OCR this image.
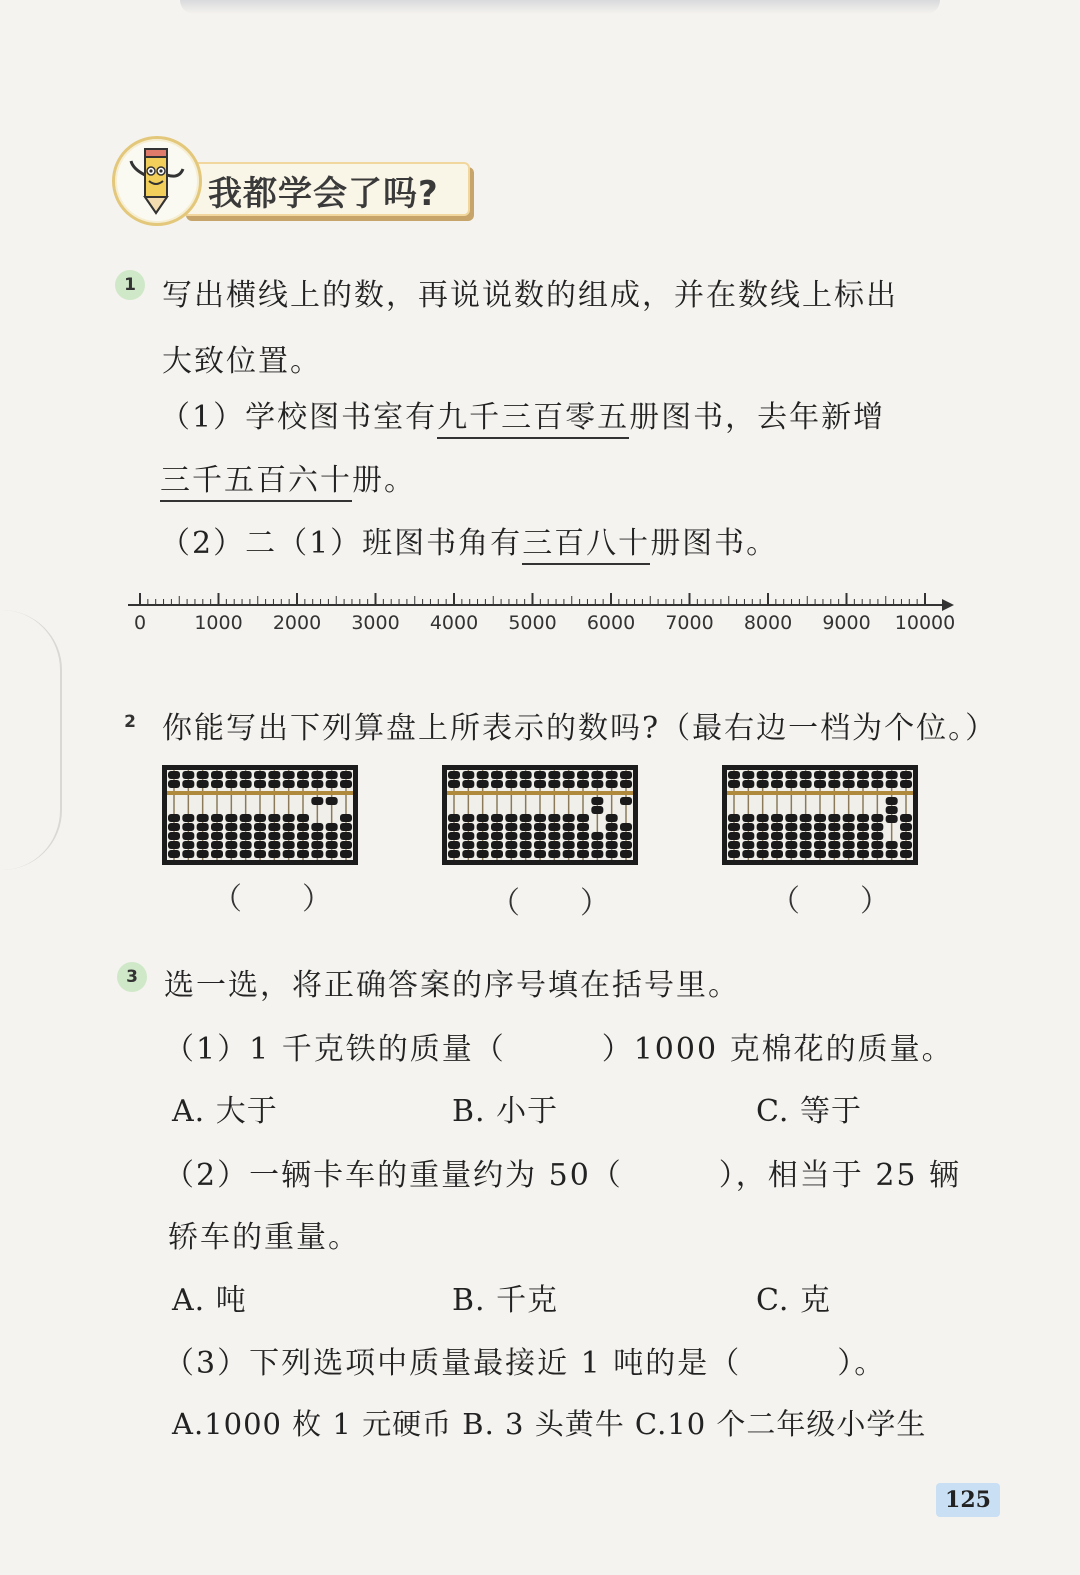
我都学会了吗?
1 写出横线上的数，再说说数的组成，并在数线上标出
大致位置。
（1）学校图书室有九千三百零五册图书，去年新增
三千五百六十册。
（2）二（1）班图书角有三百八十册图书。
0	1000 2000 3000 4000 5000 6000 7000 8000 9000 10000
2 你能写出下列算盘上所表示的数吗?（最右边一档为个位。）
（　　）	（　　）	（　　）
3 选一选，将正确答案的序号填在括号里。
（1）1 千克铁的质量（　　　）1000 克棉花的质量。
A. 大于	B. 小于	C. 等于
（2）一辆卡车的重量约为 50（　　　），相当于 25 辆
轿车的重量。
A. 吨	B. 千克	C. 克
（3）下列选项中质量最接近 1 吨的是（　　　）。
A.1000 枚 1 元硬币 B. 3 头黄牛 C.10 个二年级小学生
125
